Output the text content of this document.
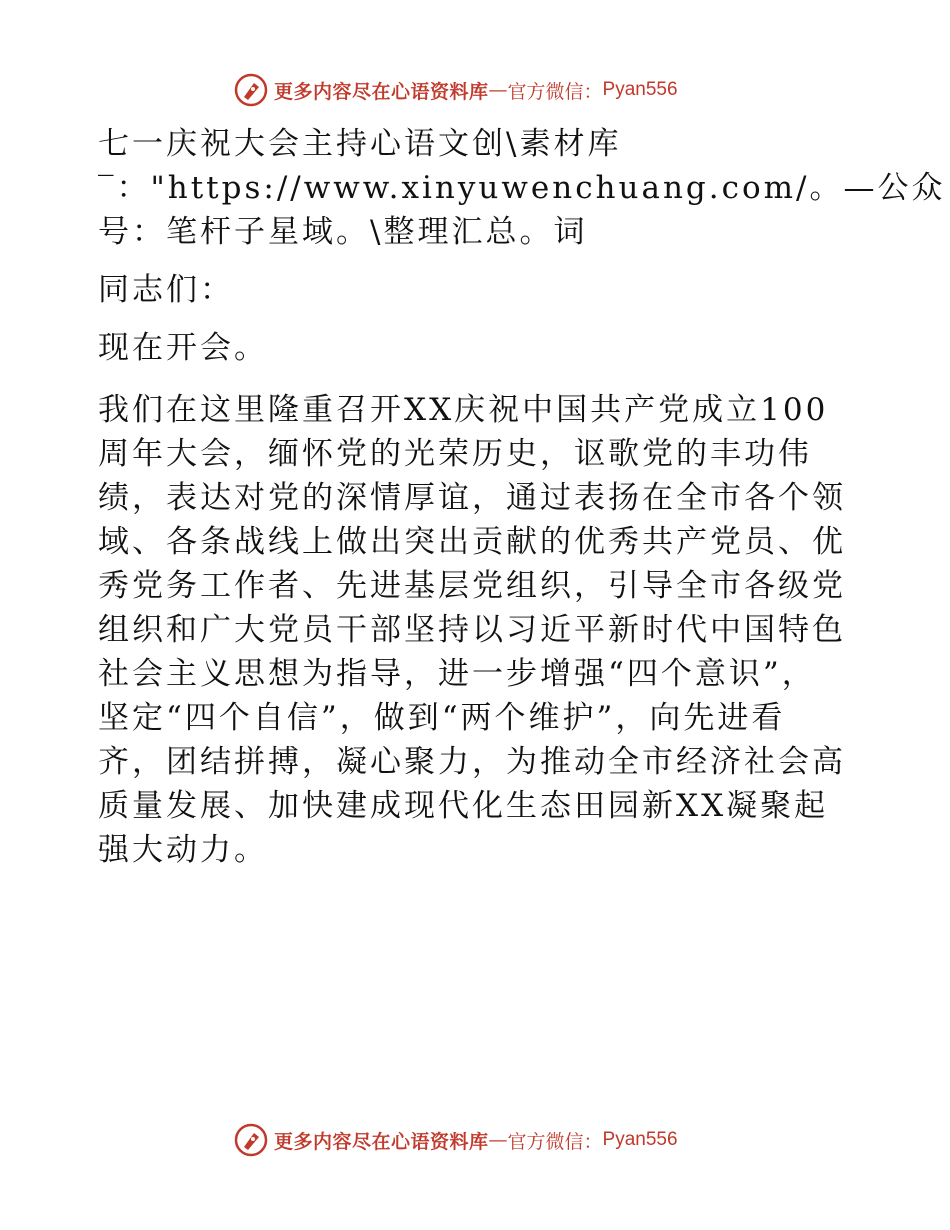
更多内容尽在心语资料库 — 官方微信： Pyan556
七一庆祝大会主持心语文创\素材库
‾："https://www.xinyuwenchuang.com/。—公众
号：笔杆子星域。\整理汇总。词
同志们：
现在开会。
我们在这里隆重召开XX庆祝中国共产党成立100
周年大会，缅怀党的光荣历史，讴歌党的丰功伟
绩，表达对党的深情厚谊，通过表扬在全市各个领
域、各条战线上做出突出贡献的优秀共产党员、优
秀党务工作者、先进基层党组织，引导全市各级党
组织和广大党员干部坚持以习近平新时代中国特色
社会主义思想为指导，进一步增强“四个意识”，
坚定“四个自信”，做到“两个维护”，向先进看
齐，团结拼搏，凝心聚力，为推动全市经济社会高
质量发展、加快建成现代化生态田园新XX凝聚起
强大动力。
更多内容尽在心语资料库 — 官方微信： Pyan556
